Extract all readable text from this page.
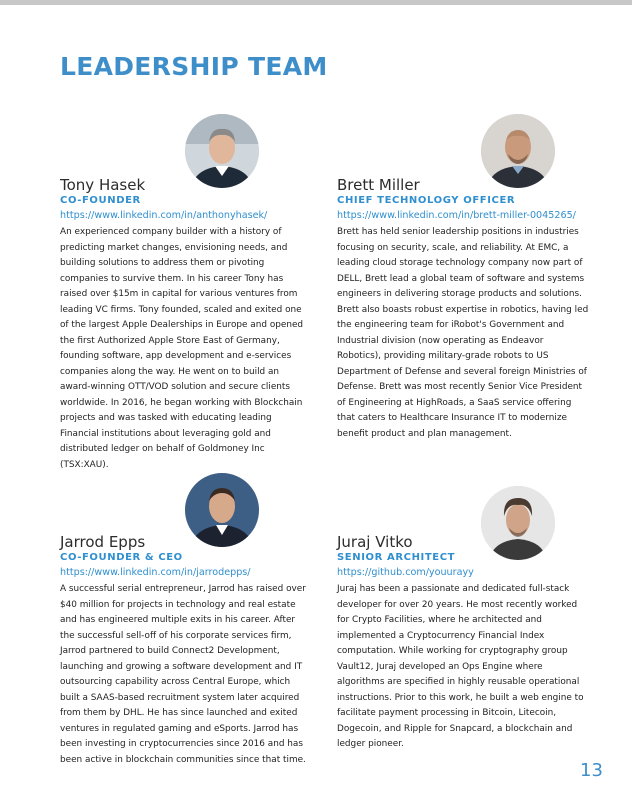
LEADERSHIP TEAM
Tony Hasek
CO-FOUNDER
https://www.linkedin.com/in/anthonyhasek/

An experienced company builder with a history of predicting market changes, envisioning needs, and building solutions to address them or pivoting companies to survive them. In his career Tony has raised over $15m in capital for various ventures from leading VC firms. Tony founded, scaled and exited one of the largest Apple Dealerships in Europe and opened the first Authorized Apple Store East of Germany, founding software, app development and e-services companies along the way. He went on to build an award-winning OTT/VOD solution and secure clients worldwide. In 2016, he began working with Blockchain projects and was tasked with educating leading Financial institutions about leveraging gold and distributed ledger on behalf of Goldmoney Inc (TSX:XAU).

Brett Miller
CHIEF TECHNOLOGY OFFICER
https://www.linkedin.com/in/brett-miller-0045265/

Brett has held senior leadership positions in industries focusing on security, scale, and reliability. At EMC, a leading cloud storage technology company now part of DELL, Brett lead a global team of software and systems engineers in delivering storage products and solutions. Brett also boasts robust expertise in robotics, having led the engineering team for iRobot's Government and Industrial division (now operating as Endeavor Robotics), providing military-grade robots to US Department of Defense and several foreign Ministries of Defense. Brett was most recently Senior Vice President of Engineering at HighRoads, a SaaS service offering that caters to Healthcare Insurance IT to modernize benefit product and plan management.

Jarrod Epps
CO-FOUNDER & CEO
https://www.linkedin.com/in/jarrodepps/

A successful serial entrepreneur, Jarrod has raised over $40 million for projects in technology and real estate and has engineered multiple exits in his career. After the successful sell-off of his corporate services firm, Jarrod partnered to build Connect2 Development, launching and growing a software development and IT outsourcing capability across Central Europe, which built a SAAS-based recruitment system later acquired from them by DHL. He has since launched and exited ventures in regulated gaming and eSports. Jarrod has been investing in cryptocurrencies since 2016 and has been active in blockchain communities since that time.

Juraj Vitko
SENIOR ARCHITECT
https://github.com/youurayy

Juraj has been a passionate and dedicated full-stack developer for over 20 years. He most recently worked for Crypto Facilities, where he architected and implemented a Cryptocurrency Financial Index computation. While working for cryptography group Vault12, Juraj developed an Ops Engine where algorithms are specified in highly reusable operational instructions. Prior to this work, he built a web engine to facilitate payment processing in Bitcoin, Litecoin, Dogecoin, and Ripple for Snapcard, a blockchain and ledger pioneer.

13
